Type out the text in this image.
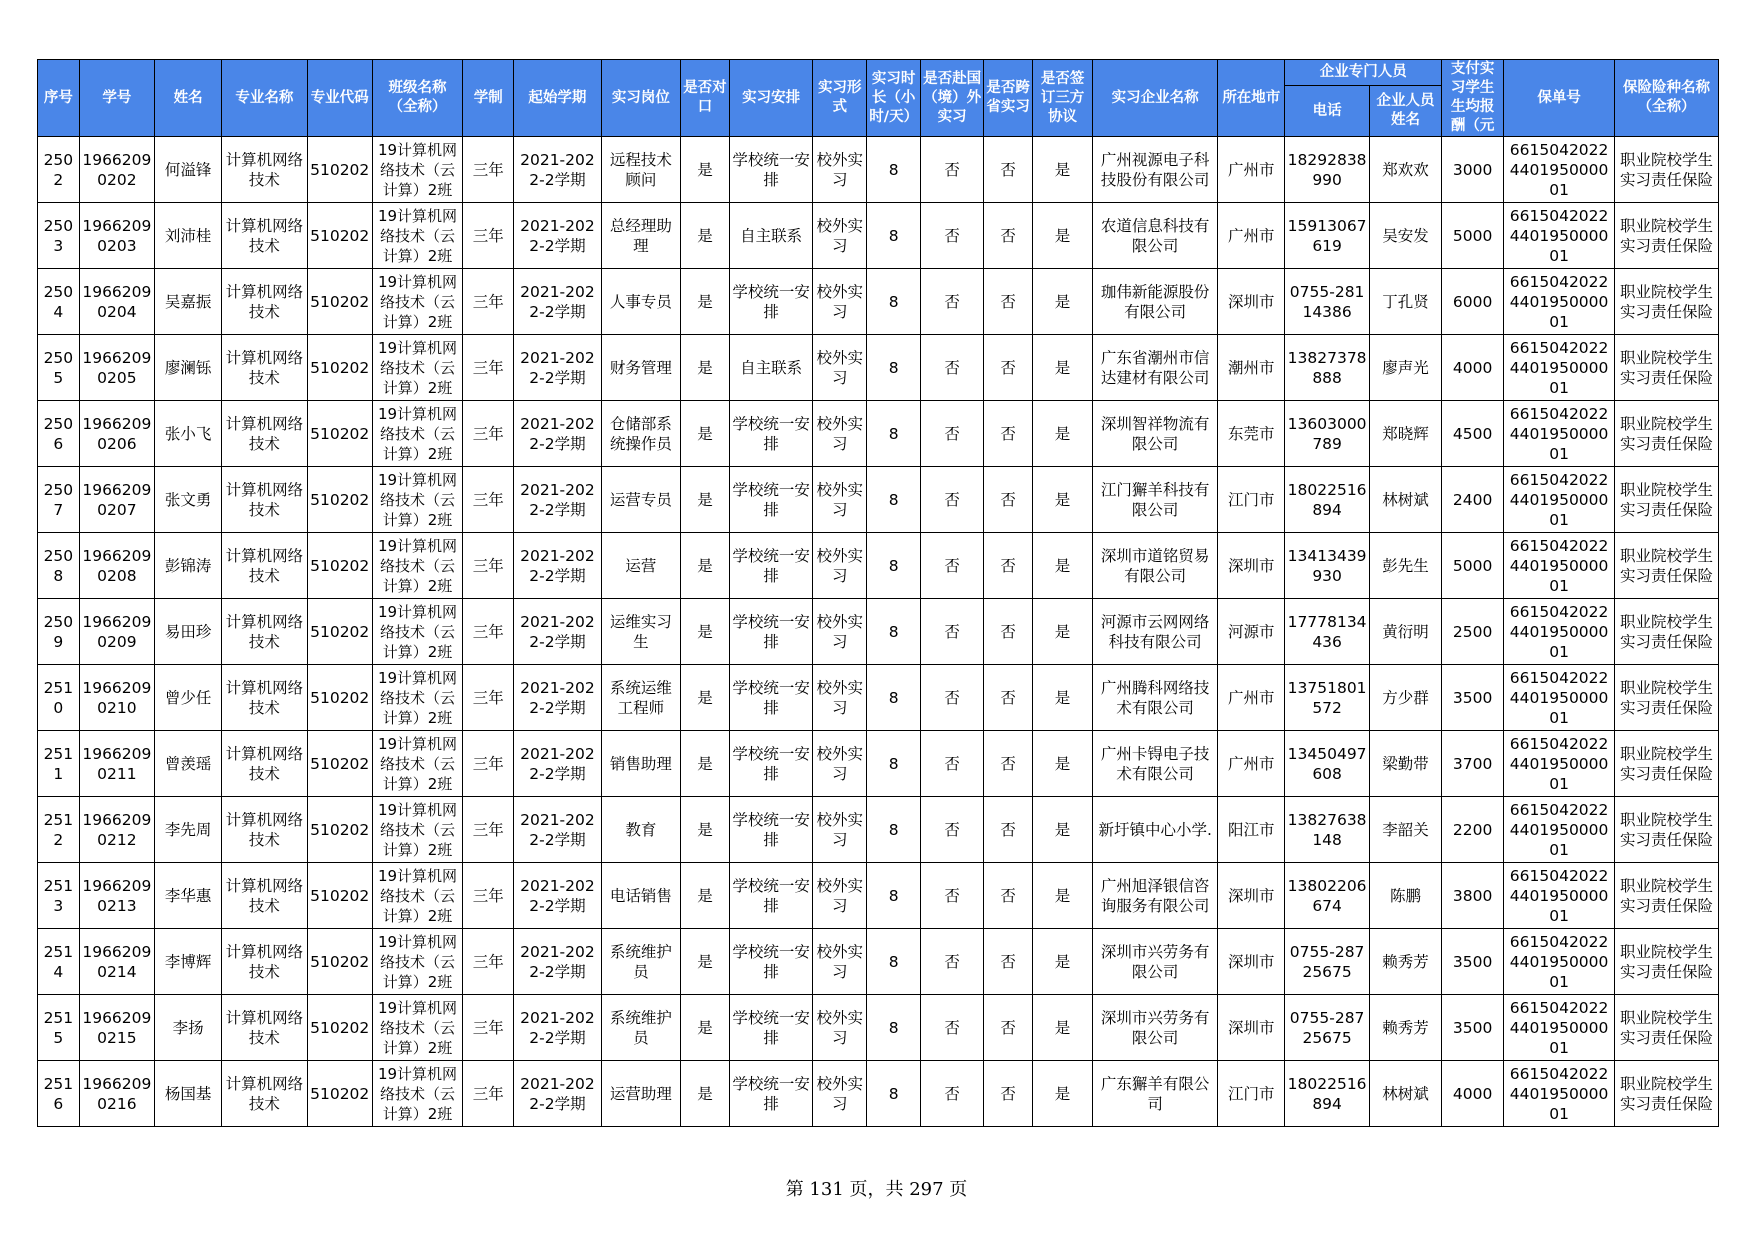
序号	学号	姓名	专业名称	专业代码	班级名称（全称）	学制	起始学期	实习岗位	是否对口	实习安排	实习形式	实习时长（小时/天）	是否赴国（境）外实习	是否跨省实习	是否签订三方协议	实习企业名称	所在地市	企业专门人员		支付实习学生生均报酬（元	保单号	保险险种名称（全称）
																		电话	企业人员姓名			
2502	19662090202	何溢锋	计算机网络技术	510202	19计算机网络技术（云计算）2班	三年	2021-2022-2学期	远程技术顾问	是	学校统一安排	校外实习	8	否	否	是	广州视源电子科技股份有限公司	广州市	18292838990	郑欢欢	3000	6615042022440195000001	职业院校学生实习责任保险
2503	19662090203	刘沛桂	计算机网络技术	510202	19计算机网络技术（云计算）2班	三年	2021-2022-2学期	总经理助理	是	自主联系	校外实习	8	否	否	是	农道信息科技有限公司	广州市	15913067619	吴安发	5000	6615042022440195000001	职业院校学生实习责任保险
2504	19662090204	吴嘉振	计算机网络技术	510202	19计算机网络技术（云计算）2班	三年	2021-2022-2学期	人事专员	是	学校统一安排	校外实习	8	否	否	是	珈伟新能源股份有限公司	深圳市	0755-28114386	丁孔贤	6000	6615042022440195000001	职业院校学生实习责任保险
2505	19662090205	廖澜铄	计算机网络技术	510202	19计算机网络技术（云计算）2班	三年	2021-2022-2学期	财务管理	是	自主联系	校外实习	8	否	否	是	广东省潮州市信达建材有限公司	潮州市	13827378888	廖声光	4000	6615042022440195000001	职业院校学生实习责任保险
2506	19662090206	张小飞	计算机网络技术	510202	19计算机网络技术（云计算）2班	三年	2021-2022-2学期	仓储部系统操作员	是	学校统一安排	校外实习	8	否	否	是	深圳智祥物流有限公司	东莞市	13603000789	郑晓辉	4500	6615042022440195000001	职业院校学生实习责任保险
2507	19662090207	张文勇	计算机网络技术	510202	19计算机网络技术（云计算）2班	三年	2021-2022-2学期	运营专员	是	学校统一安排	校外实习	8	否	否	是	江门獬羊科技有限公司	江门市	18022516894	林树斌	2400	6615042022440195000001	职业院校学生实习责任保险
2508	19662090208	彭锦涛	计算机网络技术	510202	19计算机网络技术（云计算）2班	三年	2021-2022-2学期	运营	是	学校统一安排	校外实习	8	否	否	是	深圳市道铭贸易有限公司	深圳市	13413439930	彭先生	5000	6615042022440195000001	职业院校学生实习责任保险
2509	19662090209	易田珍	计算机网络技术	510202	19计算机网络技术（云计算）2班	三年	2021-2022-2学期	运维实习生	是	学校统一安排	校外实习	8	否	否	是	河源市云网网络科技有限公司	河源市	17778134436	黄衍明	2500	6615042022440195000001	职业院校学生实习责任保险
2510	19662090210	曾少任	计算机网络技术	510202	19计算机网络技术（云计算）2班	三年	2021-2022-2学期	系统运维工程师	是	学校统一安排	校外实习	8	否	否	是	广州腾科网络技术有限公司	广州市	13751801572	方少群	3500	6615042022440195000001	职业院校学生实习责任保险
2511	19662090211	曾羡瑶	计算机网络技术	510202	19计算机网络技术（云计算）2班	三年	2021-2022-2学期	销售助理	是	学校统一安排	校外实习	8	否	否	是	广州卡锝电子技术有限公司	广州市	13450497608	梁勤带	3700	6615042022440195000001	职业院校学生实习责任保险
2512	19662090212	李先周	计算机网络技术	510202	19计算机网络技术（云计算）2班	三年	2021-2022-2学期	教育	是	学校统一安排	校外实习	8	否	否	是	新圩镇中心小学.	阳江市	13827638148	李韶关	2200	6615042022440195000001	职业院校学生实习责任保险
2513	19662090213	李华惠	计算机网络技术	510202	19计算机网络技术（云计算）2班	三年	2021-2022-2学期	电话销售	是	学校统一安排	校外实习	8	否	否	是	广州旭泽银信咨询服务有限公司	深圳市	13802206674	陈鹏	3800	6615042022440195000001	职业院校学生实习责任保险
2514	19662090214	李博辉	计算机网络技术	510202	19计算机网络技术（云计算）2班	三年	2021-2022-2学期	系统维护员	是	学校统一安排	校外实习	8	否	否	是	深圳市兴劳务有限公司	深圳市	0755-28725675	赖秀芳	3500	6615042022440195000001	职业院校学生实习责任保险
2515	19662090215	李扬	计算机网络技术	510202	19计算机网络技术（云计算）2班	三年	2021-2022-2学期	系统维护员	是	学校统一安排	校外实习	8	否	否	是	深圳市兴劳务有限公司	深圳市	0755-28725675	赖秀芳	3500	6615042022440195000001	职业院校学生实习责任保险
2516	19662090216	杨国基	计算机网络技术	510202	19计算机网络技术（云计算）2班	三年	2021-2022-2学期	运营助理	是	学校统一安排	校外实习	8	否	否	是	广东獬羊有限公司	江门市	18022516894	林树斌	4000	6615042022440195000001	职业院校学生实习责任保险
第 131 页，共 297 页
